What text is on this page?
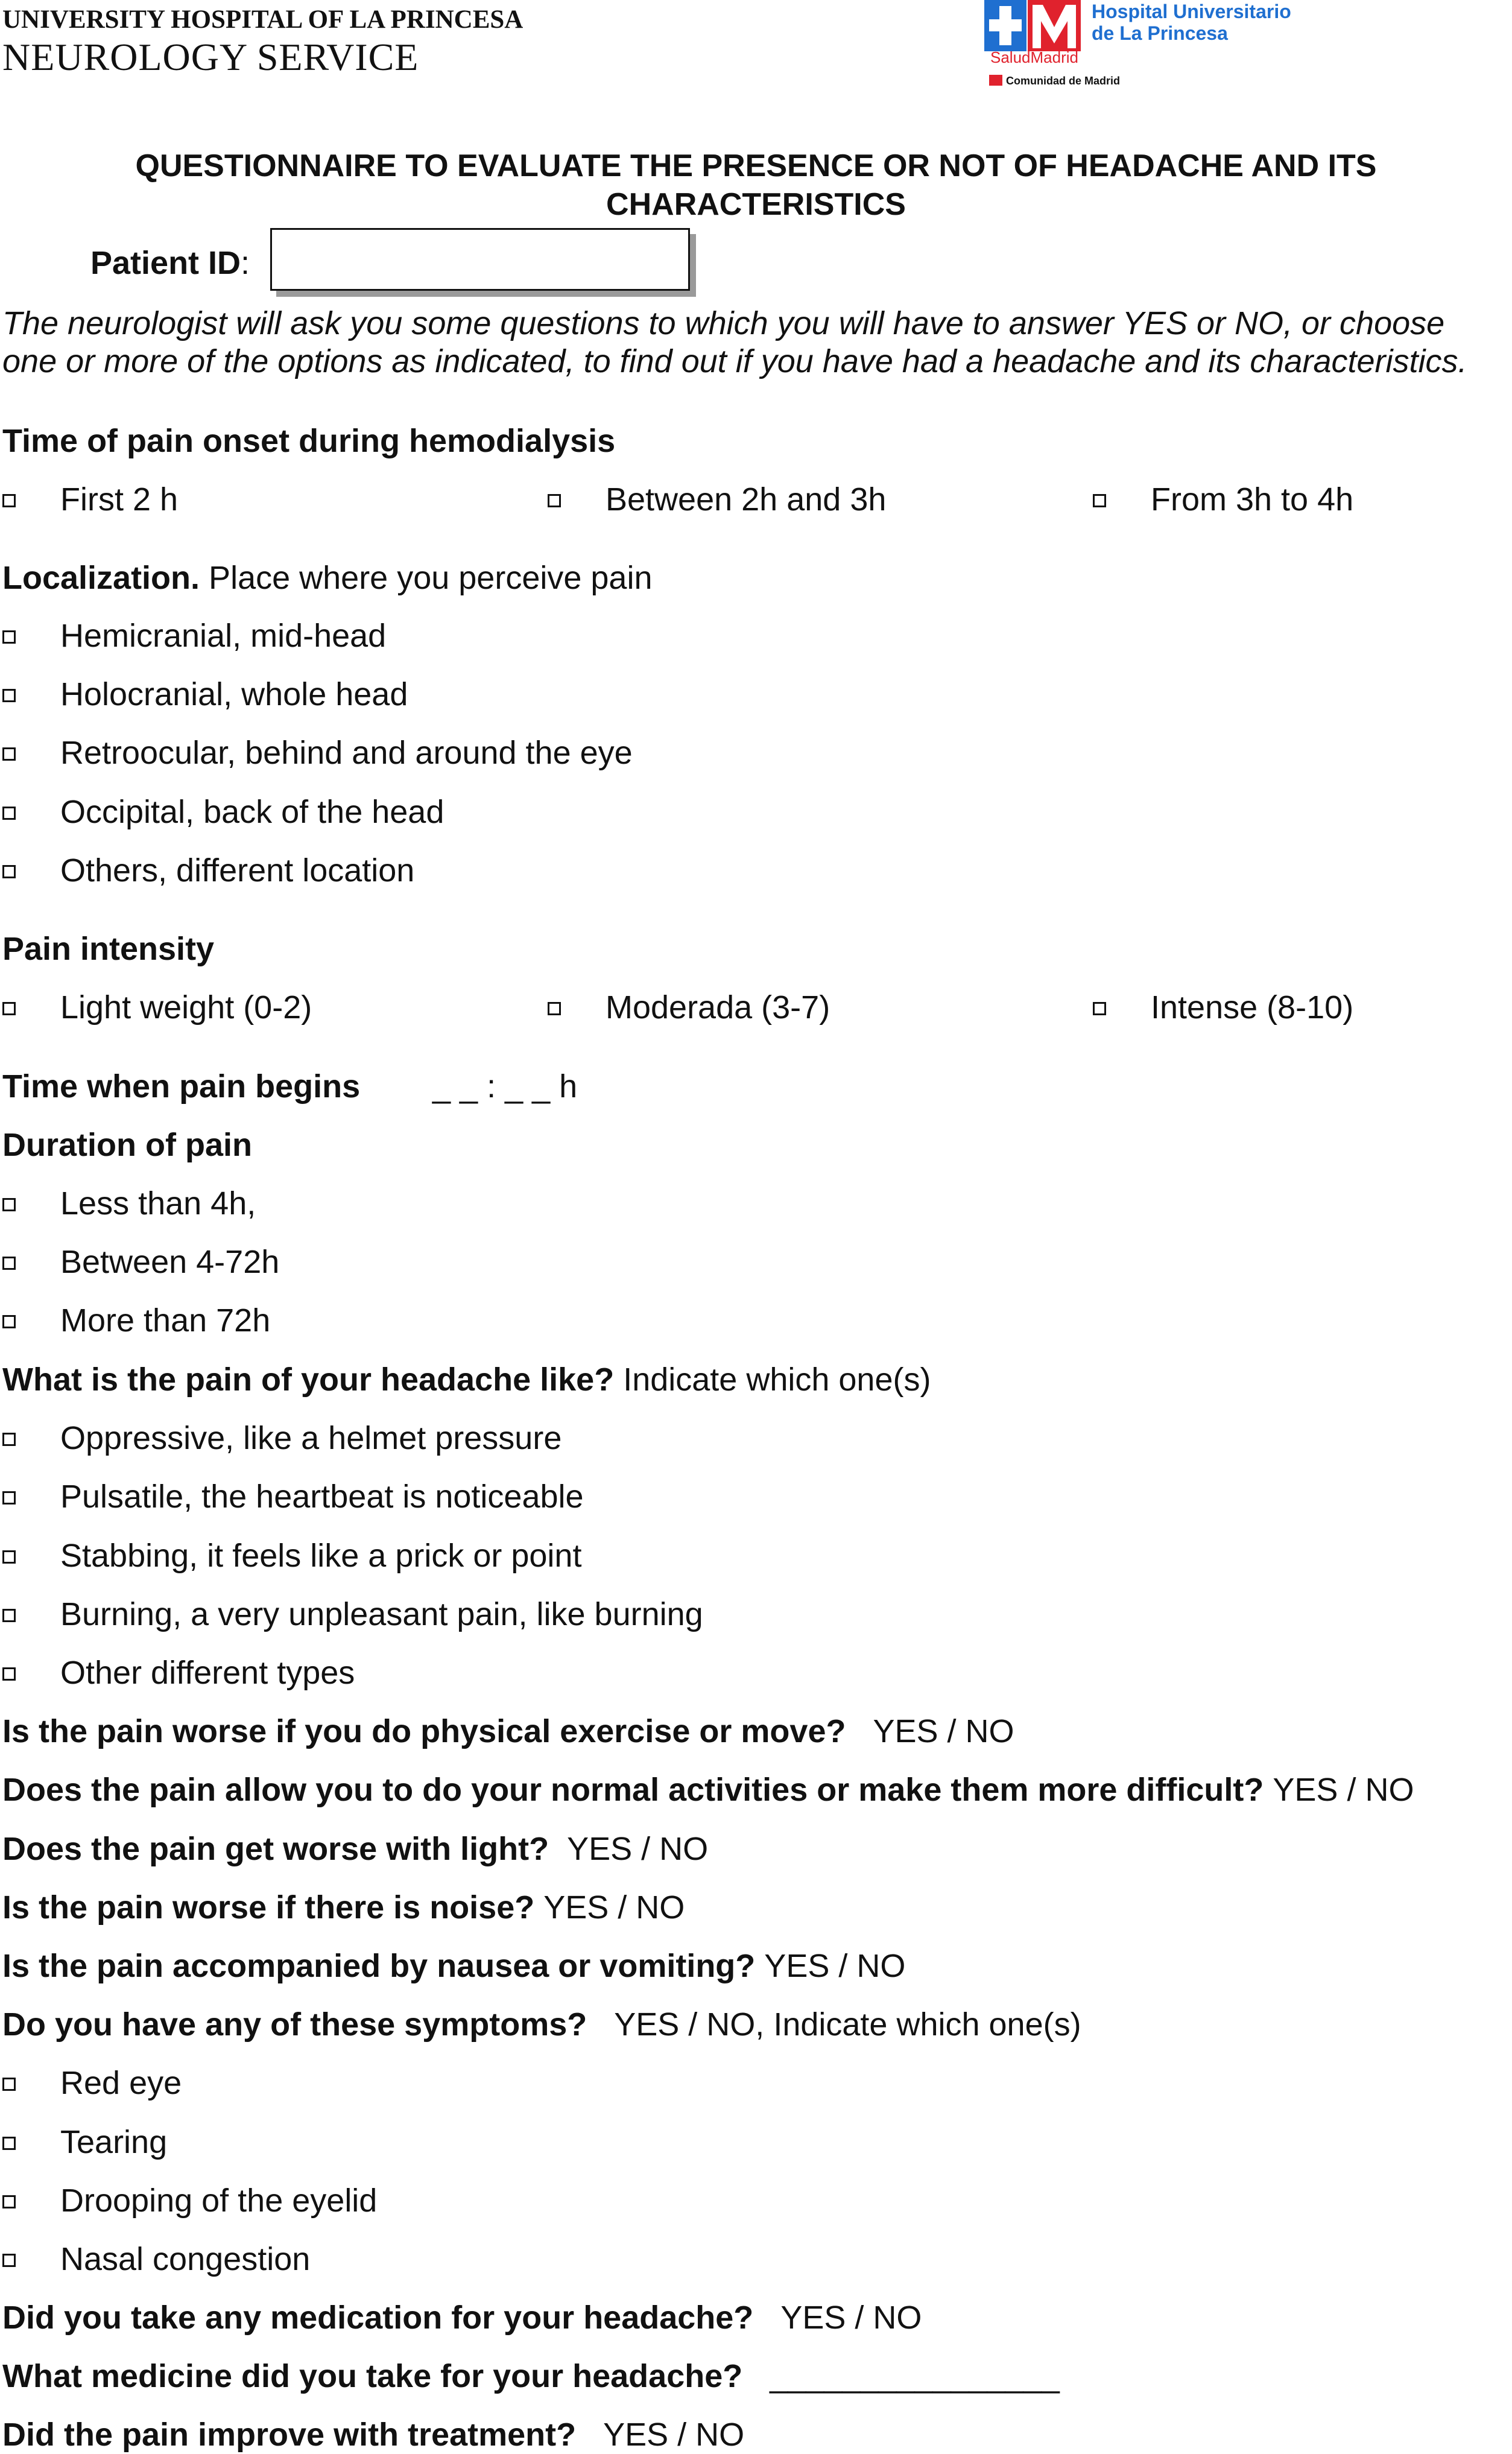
UNIVERSITY HOSPITAL OF LA PRINCESA
NEUROLOGY SERVICE
Hospital Universitario
de La Princesa
SaludMadrid
Comunidad de Madrid
QUESTIONNAIRE TO EVALUATE THE PRESENCE OR NOT OF HEADACHE AND ITS
CHARACTERISTICS
Patient ID:
The neurologist will ask you some questions to which you will have to answer YES or NO, or choose
one or more of the options as indicated, to find out if you have had a headache and its characteristics.
Time of pain onset during hemodialysis
First 2 h	Between 2h and 3h	From 3h to 4h
Localization. Place where you perceive pain
Hemicranial, mid-head
Holocranial, whole head
Retroocular, behind and around the eye
Occipital, back of the head
Others, different location
Pain intensity
Light weight (0-2)	Moderada (3-7)	Intense (8-10)
Time when pain begins _ _ : _ _ h
Duration of pain
Less than 4h,
Between 4-72h
More than 72h
What is the pain of your headache like? Indicate which one(s)
Oppressive, like a helmet pressure
Pulsatile, the heartbeat is noticeable
Stabbing, it feels like a prick or point
Burning, a very unpleasant pain, like burning
Other different types
Is the pain worse if you do physical exercise or move? YES / NO
Does the pain allow you to do your normal activities or make them more difficult? YES / NO
Does the pain get worse with light? YES / NO
Is the pain worse if there is noise? YES / NO
Is the pain accompanied by nausea or vomiting? YES / NO
Do you have any of these symptoms? YES / NO, Indicate which one(s)
Red eye
Tearing
Drooping of the eyelid
Nasal congestion
Did you take any medication for your headache? YES / NO
What medicine did you take for your headache? ________________
Did the pain improve with treatment? YES / NO
